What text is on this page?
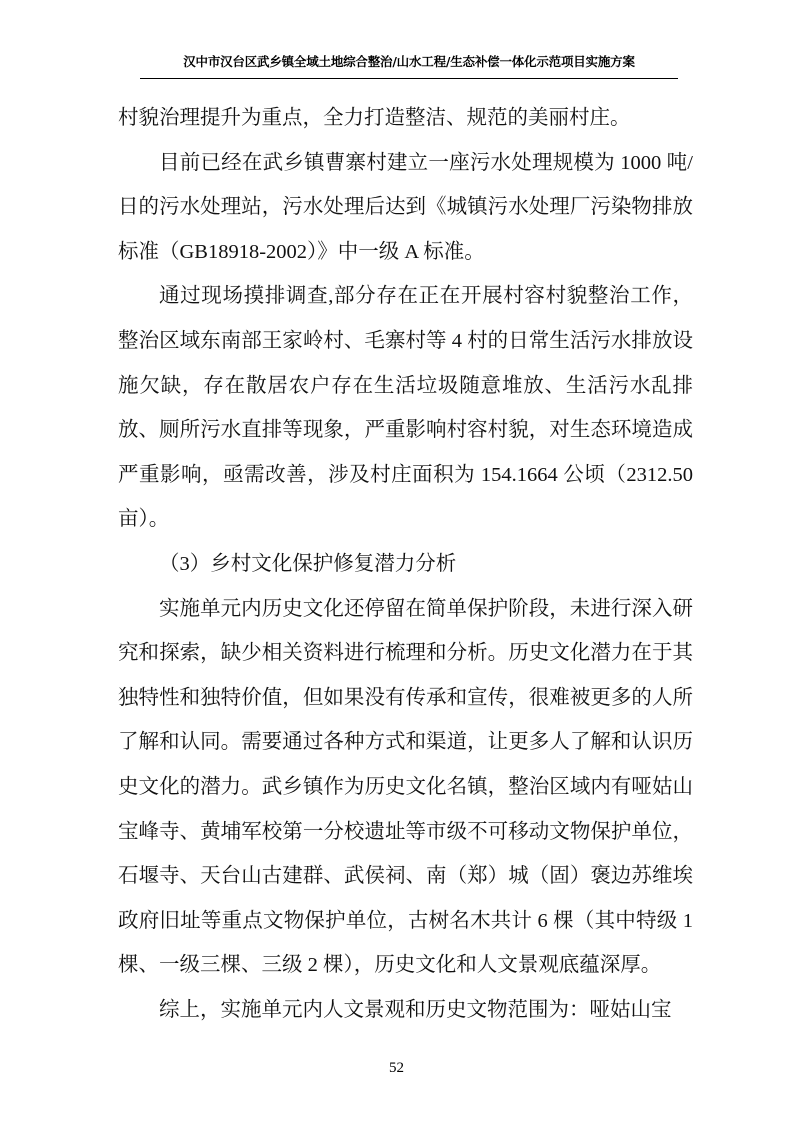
汉中市汉台区武乡镇全域土地综合整治/山水工程/生态补偿一体化示范项目实施方案

村貌治理提升为重点，全力打造整洁、规范的美丽村庄。

目前已经在武乡镇曹寨村建立一座污水处理规模为 1000 吨/日的污水处理站，污水处理后达到《城镇污水处理厂污染物排放标准（GB18918-2002）》中一级 A 标准。

通过现场摸排调查,部分存在正在开展村容村貌整治工作，整治区域东南部王家岭村、毛寨村等 4 村的日常生活污水排放设施欠缺，存在散居农户存在生活垃圾随意堆放、生活污水乱排放、厕所污水直排等现象，严重影响村容村貌，对生态环境造成严重影响，亟需改善，涉及村庄面积为 154.1664 公顷（2312.50 亩）。

（3）乡村文化保护修复潜力分析

实施单元内历史文化还停留在简单保护阶段，未进行深入研究和探索，缺少相关资料进行梳理和分析。历史文化潜力在于其独特性和独特价值，但如果没有传承和宣传，很难被更多的人所了解和认同。需要通过各种方式和渠道，让更多人了解和认识历史文化的潜力。武乡镇作为历史文化名镇，整治区域内有哑姑山宝峰寺、黄埔军校第一分校遗址等市级不可移动文物保护单位，石堰寺、天台山古建群、武侯祠、南（郑）城（固）褒边苏维埃政府旧址等重点文物保护单位，古树名木共计 6 棵（其中特级 1 棵、一级三棵、三级 2 棵），历史文化和人文景观底蕴深厚。

综上，实施单元内人文景观和历史文物范围为：哑姑山宝

52
